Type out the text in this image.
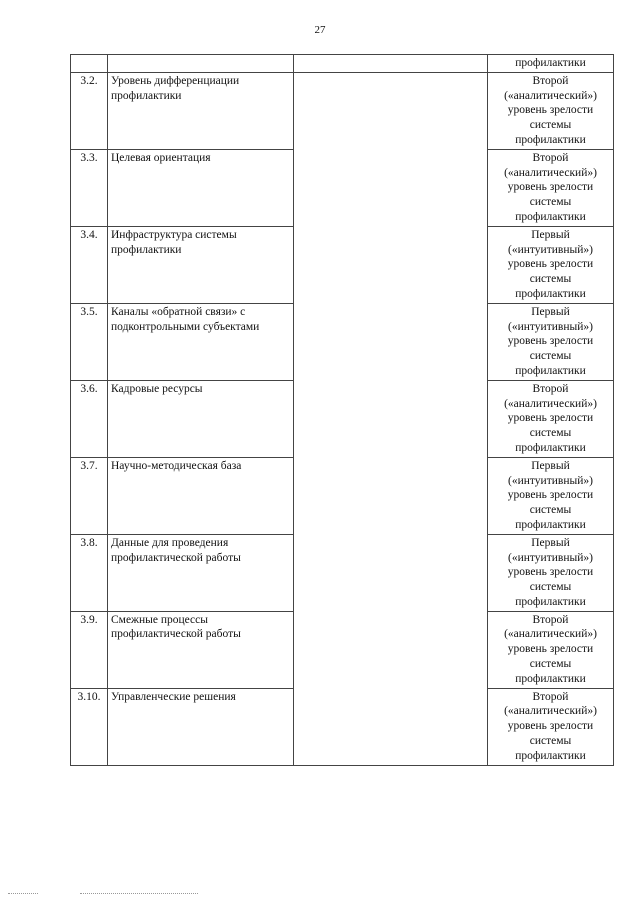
27
			профилактики
3.2.	Уровень дифференциации профилактики		Второй
(«аналитический»)
уровень зрелости
системы
профилактики

3.3.	Целевая ориентация		Второй
(«аналитический»)
уровень зрелости
системы
профилактики

3.4.	Инфраструктура системы профилактики		Первый
(«интуитивный»)
уровень зрелости
системы
профилактики

3.5.	Каналы «обратной связи» с подконтрольными субъектами		Первый
(«интуитивный»)
уровень зрелости
системы
профилактики

3.6.	Кадровые ресурсы		Второй
(«аналитический»)
уровень зрелости
системы
профилактики

3.7.	Научно-методическая база		Первый
(«интуитивный»)
уровень зрелости
системы
профилактики

3.8.	Данные для проведения профилактической работы		Первый
(«интуитивный»)
уровень зрелости
системы
профилактики

3.9.	Смежные процессы профилактической работы		Второй
(«аналитический»)
уровень зрелости
системы
профилактики

3.10.	Управленческие решения		Второй
(«аналитический»)
уровень зрелости
системы
профилактики
